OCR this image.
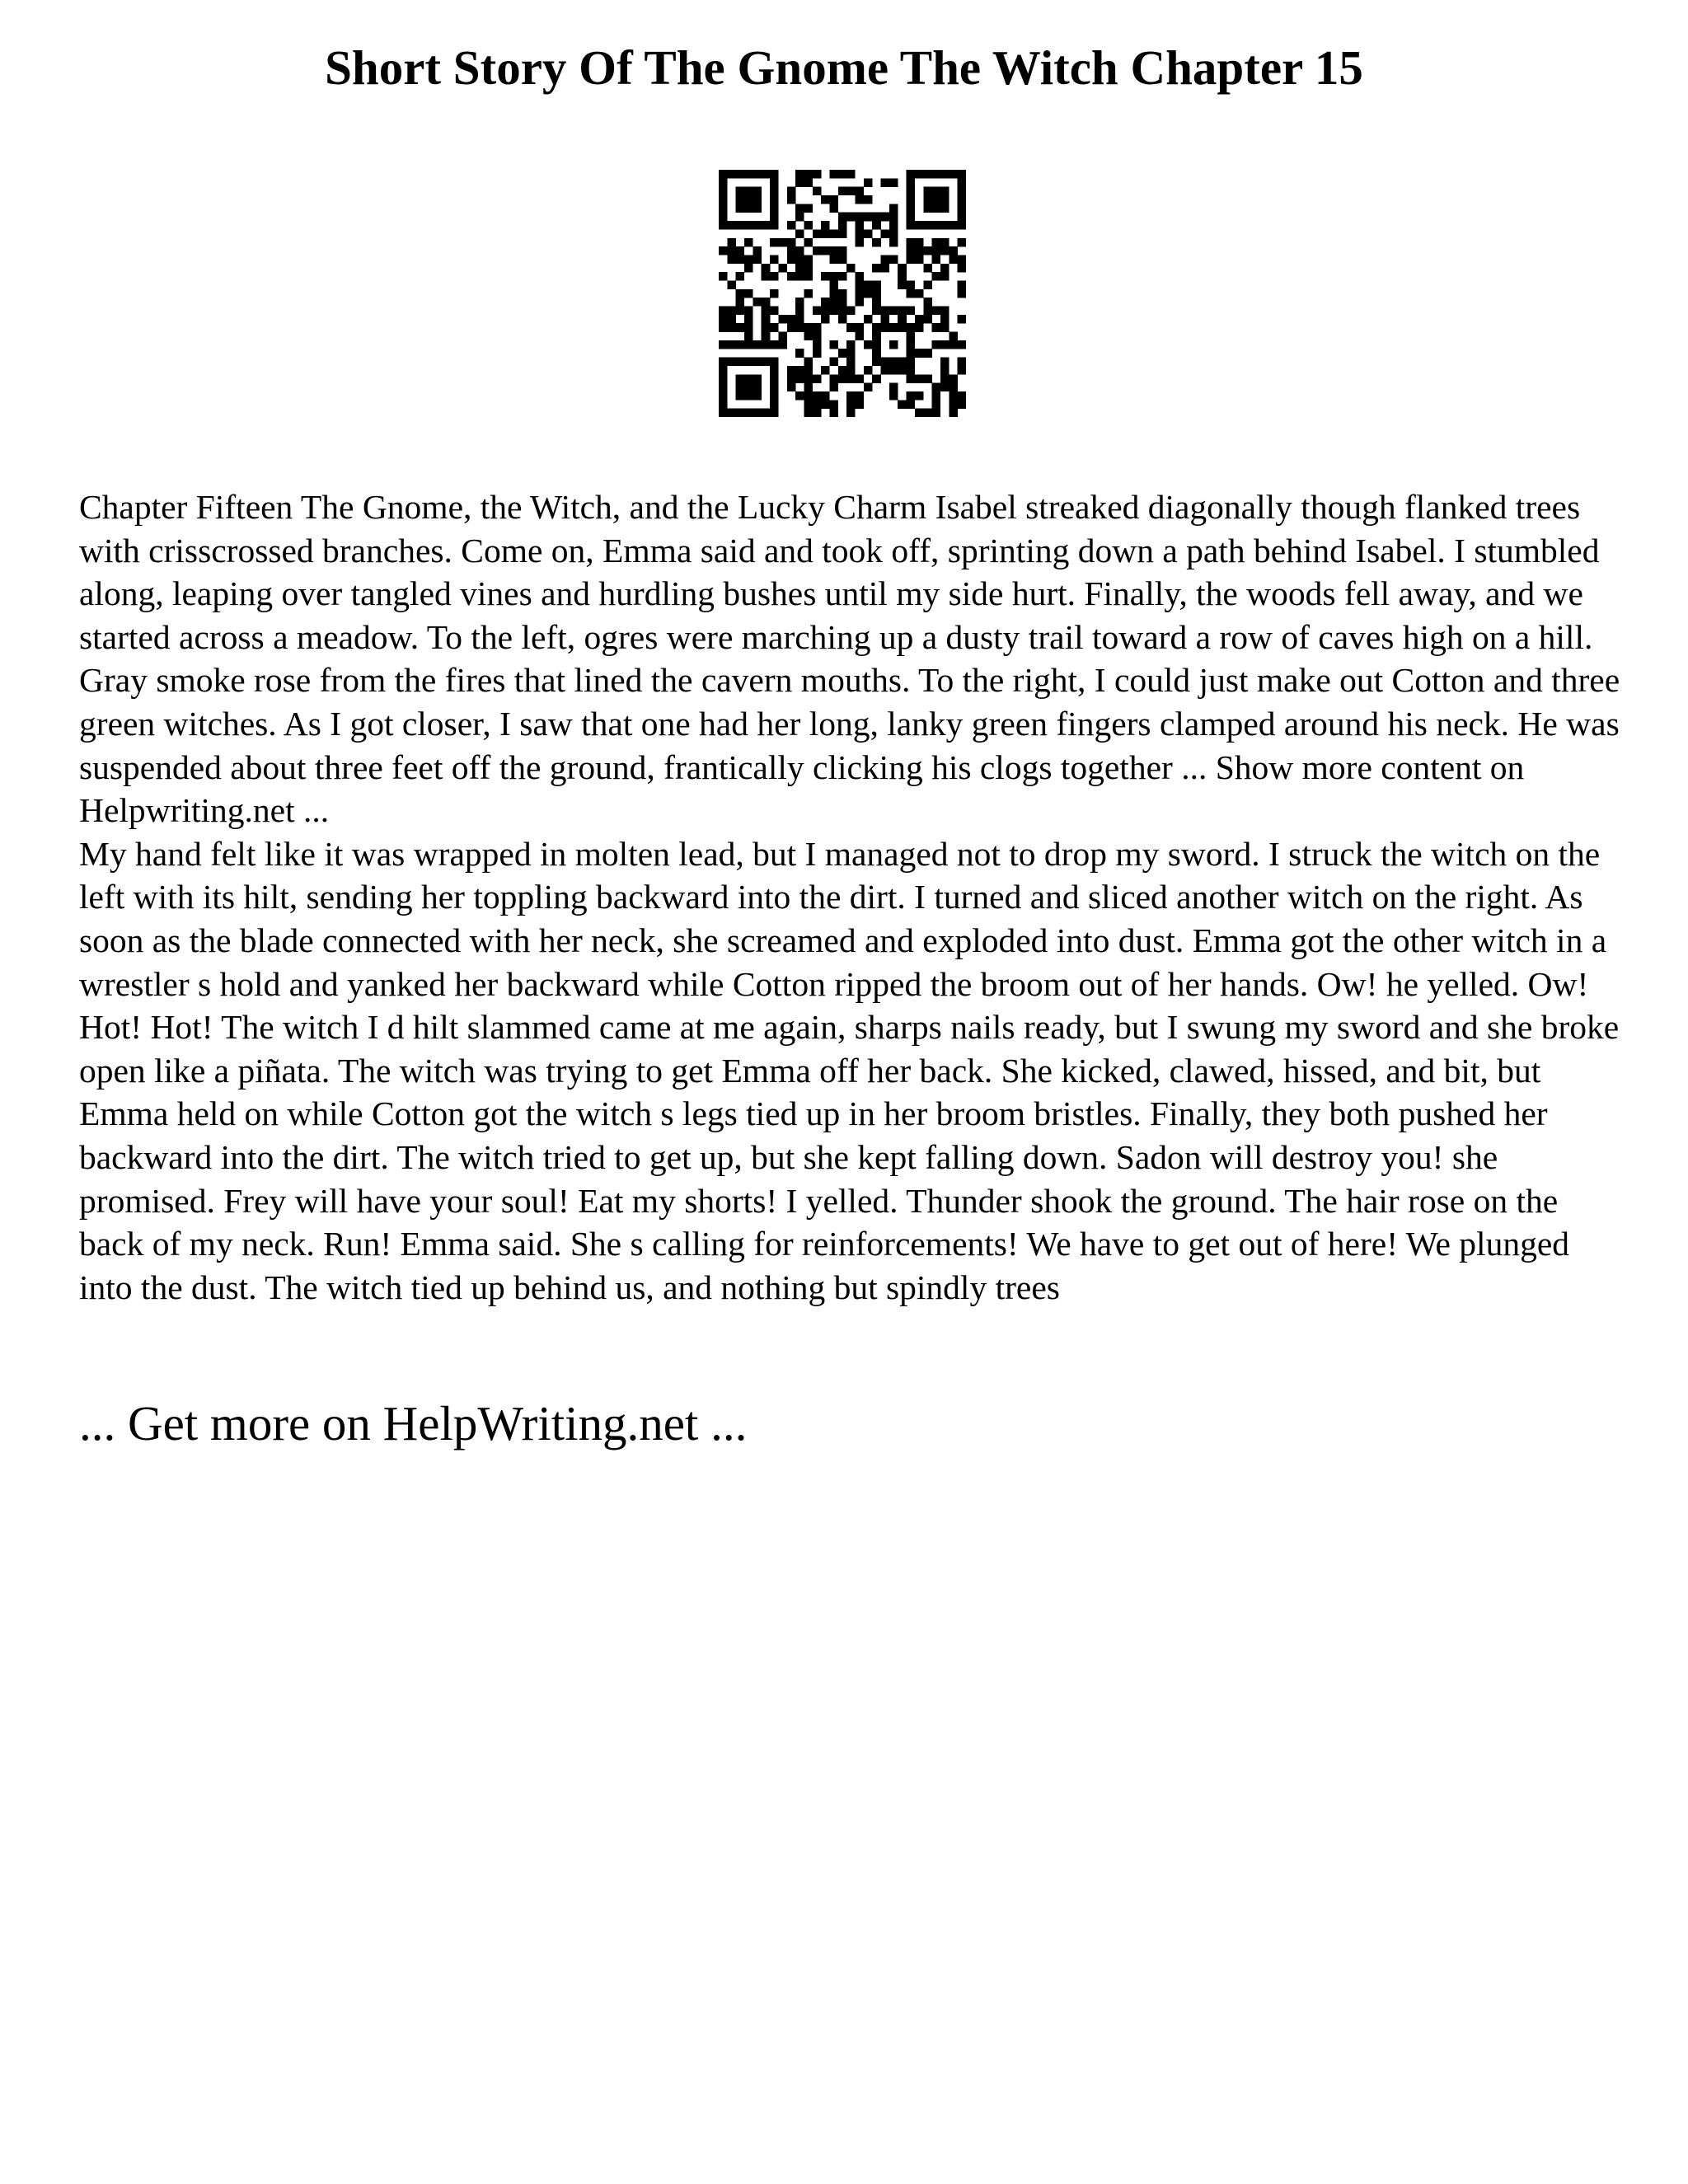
Short Story Of The Gnome The Witch Chapter 15

Chapter Fifteen The Gnome, the Witch, and the Lucky Charm Isabel streaked diagonally though flanked trees with crisscrossed branches. Come on, Emma said and took off, sprinting down a path behind Isabel. I stumbled along, leaping over tangled vines and hurdling bushes until my side hurt. Finally, the woods fell away, and we started across a meadow. To the left, ogres were marching up a dusty trail toward a row of caves high on a hill. Gray smoke rose from the fires that lined the cavern mouths. To the right, I could just make out Cotton and three green witches. As I got closer, I saw that one had her long, lanky green fingers clamped around his neck. He was suspended about three feet off the ground, frantically clicking his clogs together ... Show more content on Helpwriting.net ...

My hand felt like it was wrapped in molten lead, but I managed not to drop my sword. I struck the witch on the left with its hilt, sending her toppling backward into the dirt. I turned and sliced another witch on the right. As soon as the blade connected with her neck, she screamed and exploded into dust. Emma got the other witch in a wrestler s hold and yanked her backward while Cotton ripped the broom out of her hands. Ow! he yelled. Ow! Hot! Hot! The witch I d hilt slammed came at me again, sharps nails ready, but I swung my sword and she broke open like a piñata. The witch was trying to get Emma off her back. She kicked, clawed, hissed, and bit, but Emma held on while Cotton got the witch s legs tied up in her broom bristles. Finally, they both pushed her backward into the dirt. The witch tried to get up, but she kept falling down. Sadon will destroy you! she promised. Frey will have your soul! Eat my shorts! I yelled. Thunder shook the ground. The hair rose on the back of my neck. Run! Emma said. She s calling for reinforcements! We have to get out of here! We plunged into the dust. The witch tied up behind us, and nothing but spindly trees

... Get more on HelpWriting.net ...
